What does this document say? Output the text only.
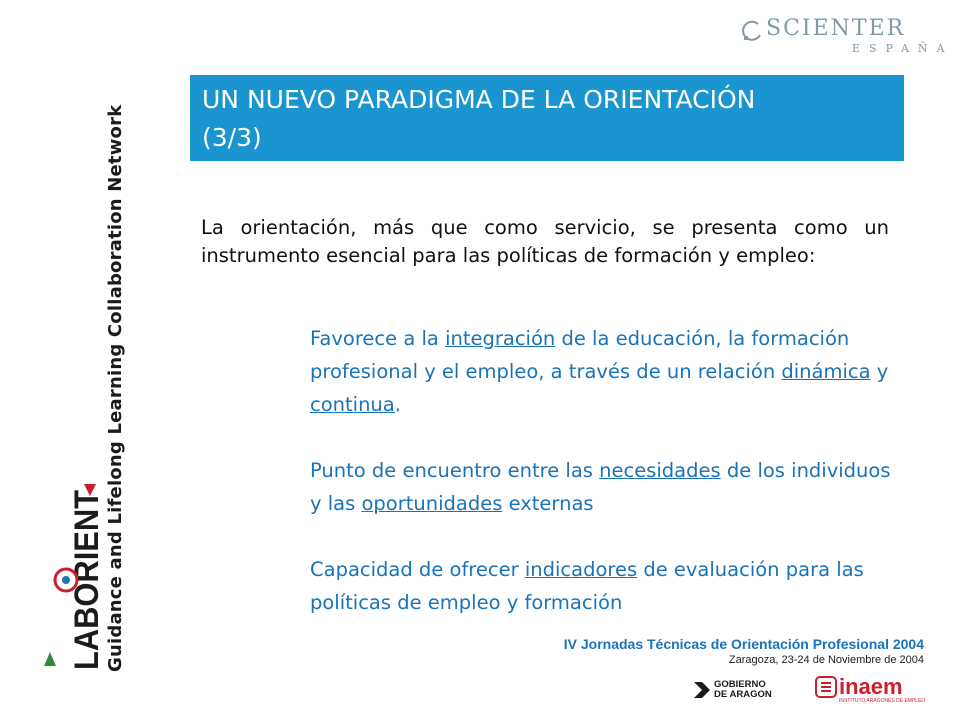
SCIENTER
ESPAÑA
UN NUEVO PARADIGMA DE LA ORIENTACIÓN
(3/3)
Guidance and Lifelong Learning Collaboration Network
LABORIENT
La orientación, más que como servicio, se presenta como un instrumento esencial para las políticas de formación y empleo:
Favorece a la integración de la educación, la formación profesional y el empleo, a través de un relación dinámica y continua.
Punto de encuentro entre las necesidades de los individuos y las oportunidades externas
Capacidad de ofrecer indicadores de evaluación para las políticas de empleo y formación
IV Jornadas Técnicas de Orientación Profesional 2004
Zaragoza, 23-24 de Noviembre de 2004
GOBIERNO
DE ARAGON	inaem
INSTITUTO ARAGONÉS DE EMPLEO
